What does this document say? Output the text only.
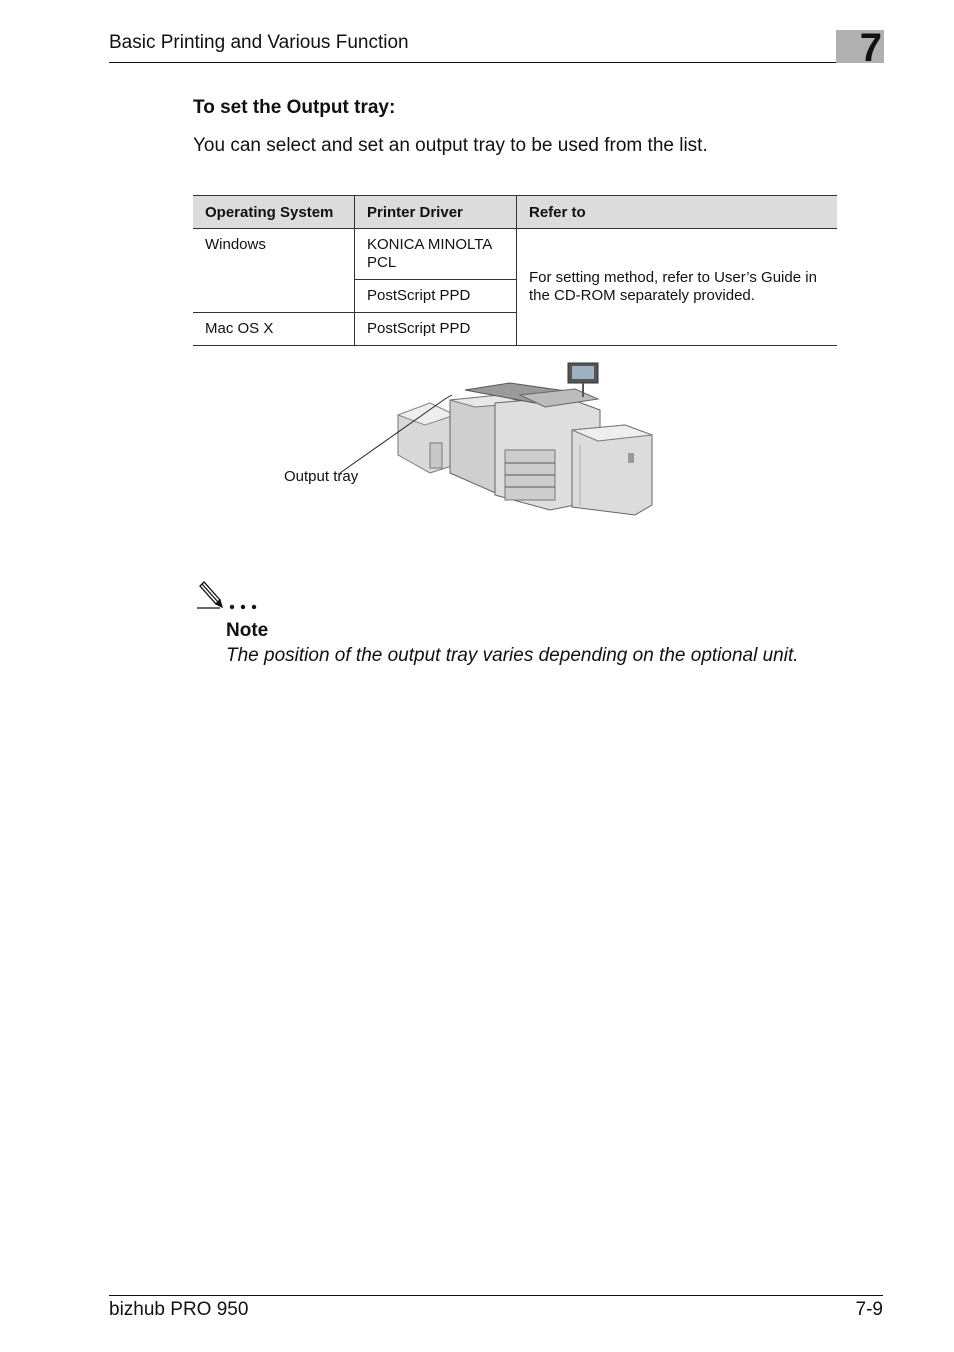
Basic Printing and Various Function	7
To set the Output tray:
You can select and set an output tray to be used from the list.
Operating System	Printer Driver	Refer to
Windows	KONICA MINOLTA PCL	For setting method, refer to User’s Guide in the CD-ROM separately provided.
	PostScript PPD	
Mac OS X	PostScript PPD	
Output tray
Note
The position of the output tray varies depending on the optional unit.
bizhub PRO 950	7-9
